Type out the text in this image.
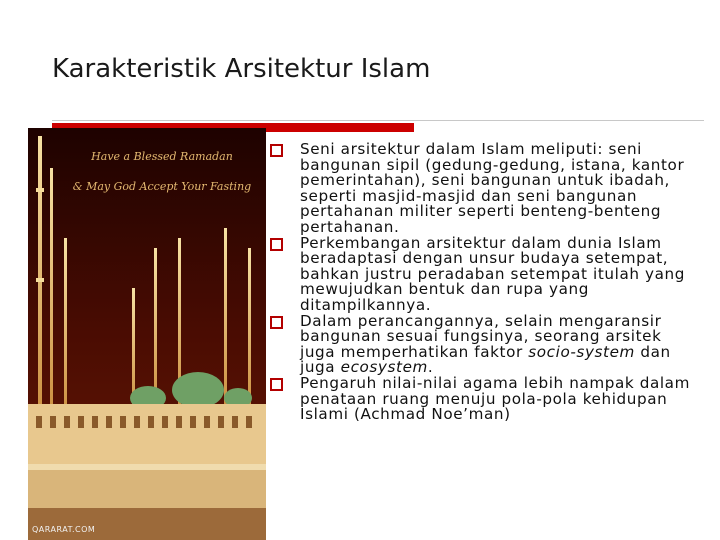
Karakteristik Arsitektur Islam
Have a Blessed Ramadan
& May God Accept Your Fasting
QARARAT.COM
Seni arsitektur dalam Islam meliputi: seni bangunan sipil (gedung-gedung, istana, kantor pemerintahan), seni bangunan untuk ibadah, seperti masjid-masjid dan seni bangunan pertahanan militer seperti benteng-benteng pertahanan.
Perkembangan arsitektur dalam dunia Islam beradaptasi dengan unsur budaya setempat, bahkan justru peradaban setempat itulah yang mewujudkan bentuk dan rupa yang ditampilkannya.
Dalam perancangannya, selain mengaransir bangunan sesuai fungsinya, seorang arsitek juga memperhatikan faktor socio-system dan juga ecosystem.
Pengaruh nilai-nilai agama lebih nampak dalam penataan ruang menuju pola-pola kehidupan Islami (Achmad Noe’man)
